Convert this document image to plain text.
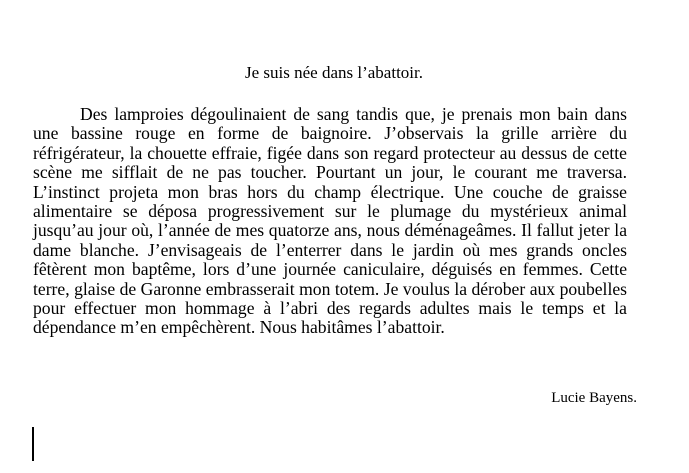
Je suis née dans l’abattoir.

Des lamproies dégoulinaient de sang tandis que, je prenais mon bain dans une bassine rouge en forme de baignoire. J’observais la grille arrière du réfrigérateur, la chouette effraie, figée dans son regard protecteur au dessus de cette scène me sifflait de ne pas toucher. Pourtant un jour, le courant me traversa. L’instinct projeta mon bras hors du champ électrique. Une couche de graisse alimentaire se déposa progressivement sur le plumage du mystérieux animal jusqu’au jour où, l’année de mes quatorze ans, nous déménageâmes. Il fallut jeter la dame blanche. J’envisageais de l’enterrer dans le jardin où mes grands oncles fêtèrent mon baptême, lors d’une journée caniculaire, déguisés en femmes. Cette terre, glaise de Garonne embrasserait mon totem. Je voulus la dérober aux poubelles pour effectuer mon hommage à l’abri des regards adultes mais le temps et la dépendance m’en empêchèrent. Nous habitâmes l’abattoir.

Lucie Bayens.
